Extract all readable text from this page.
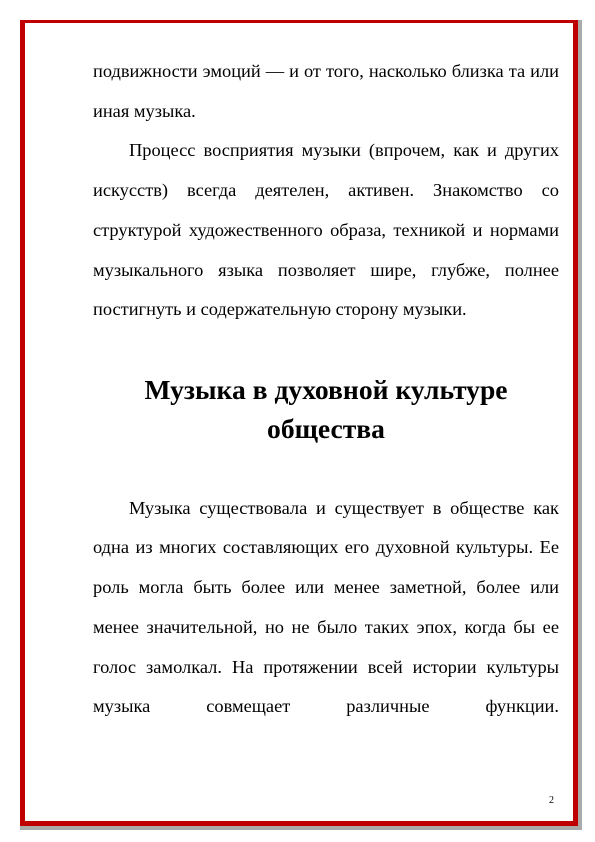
подвижности эмоций — и от того, насколько близка та или иная музыка.

Процесс восприятия музыки (впрочем, как и других искусств) всегда деятелен, активен. Знакомство со структурой художественного образа, техникой и нормами музыкального языка позволяет шире, глубже, полнее постигнуть и содержательную сторону музыки.

Музыка в духовной культуре общества

Музыка существовала и существует в обществе как одна из многих составляющих его духовной культуры. Ее роль могла быть более или менее заметной, более или менее значительной, но не было таких эпох, когда бы ее голос замолкал. На протяжении всей истории культуры музыка совмещает различные функции.

2
